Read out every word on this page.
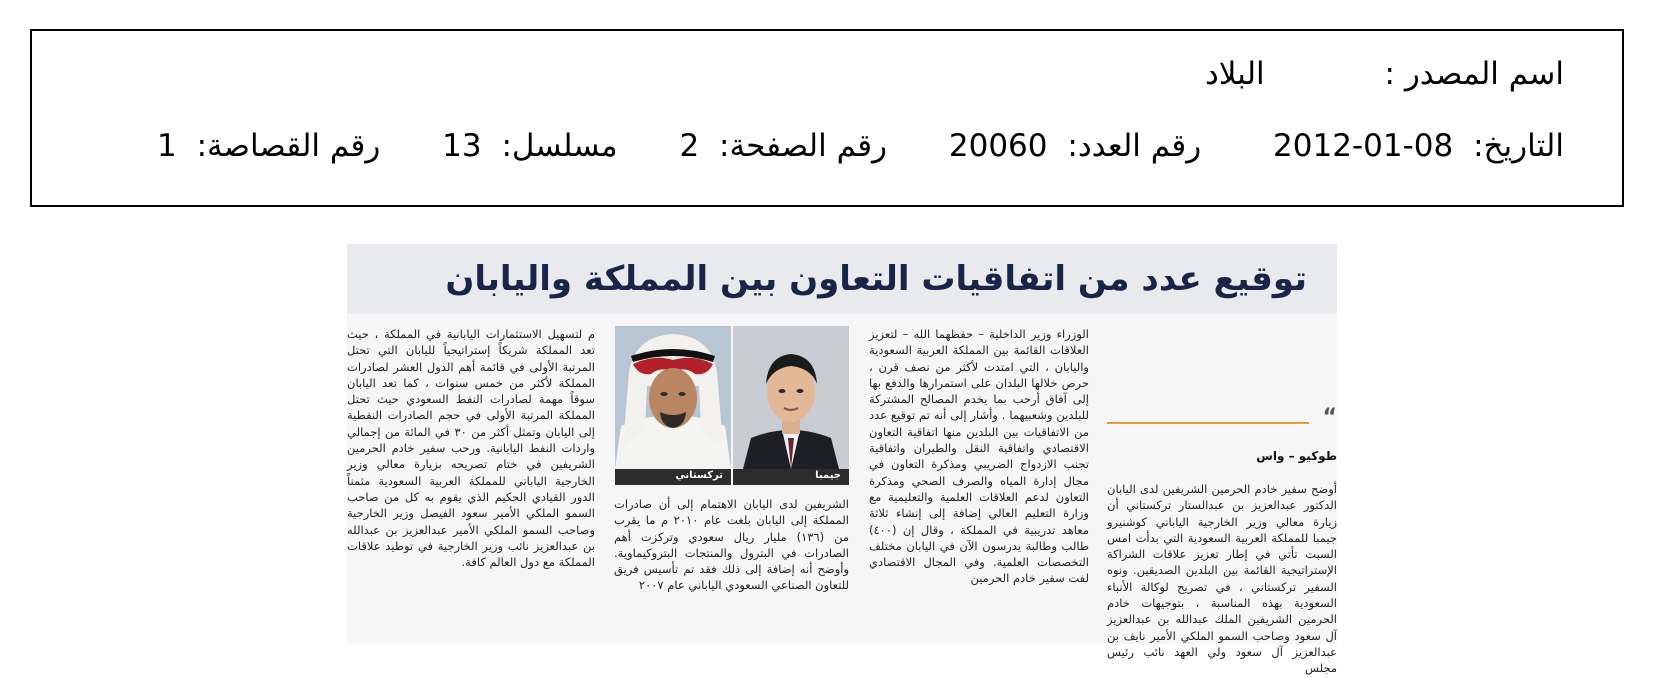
اسم المصدر : البلاد
التاريخ: 2012-01-08 رقم العدد: 20060 رقم الصفحة: 2 مسلسل: 13 رقم القصاصة: 1
توقيع عدد من اتفاقيات التعاون بين المملكة واليابان
“
طوكيو – واس

أوضح سفير خادم الحرمين الشريفين لدى اليابان الدكتور عبدالعزيز بن عبدالستار تركستاني أن زيارة معالي وزير الخارجية الياباني كوشنيرو جيمبا للمملكة العربية السعودية التي بدأت امس السبت تأتي في إطار تعزيز علاقات الشراكة الإستراتيجية القائمة بين البلدين الصديقين. ونوه السفير تركستاني ، في تصريح لوكالة الأنباء السعودية بهذه المناسبة ، بتوجيهات خادم الحرمين الشريفين الملك عبدالله بن عبدالعزيز آل سعود وصاحب السمو الملكي الأمير نايف بن عبدالعزيز آل سعود ولي العهد نائب رئيس مجلس

الوزراء وزير الداخلية – حفظهما الله – لتعزيز العلاقات القائمة بين المملكة العربية السعودية واليابان ، التي امتدت لأكثر من نصف قرن ، حرص خلالها البلدان على استمرارها والدفع بها إلى آفاق أرحب بما يخدم المصالح المشتركة للبلدين وشعبيهما . وأشار إلى أنه تم توقيع عدد من الاتفاقيات بين البلدين منها اتفاقية التعاون الاقتصادي واتفاقية النقل والطيران واتفاقية تجنب الازدواج الضريبي ومذكرة التعاون في مجال إدارة المياه والصرف الصحي ومذكرة التعاون لدعم العلاقات العلمية والتعليمية مع وزارة التعليم العالي إضافة إلى إنشاء ثلاثة معاهد تدريبية في المملكة ، وقال إن (٤٠٠) طالب وطالبة يدرسون الآن في اليابان مختلف التخصصات العلمية. وفي المجال الاقتصادي لفت سفير خادم الحرمين

جيمبا
تركستاني

الشريفين لدى اليابان الاهتمام إلى أن صادرات المملكة إلى اليابان بلغت عام ٢٠١٠ م ما يقرب من (١٣٦) مليار ريال سعودي وتركزت أهم الصادرات في البترول والمنتجات البتروكيماوية. وأوضح أنه إضافة إلى ذلك فقد تم تأسيس فريق للتعاون الصناعي السعودي الياباني عام ٢٠٠٧

م لتسهيل الاستثمارات اليابانية في المملكة ، حيث تعد المملكة شريكاً إستراتيجياً لليابان التي تحتل المرتبة الأولى في قائمة أهم الدول العشر لصادرات المملكة لأكثر من خمس سنوات ، كما تعد اليابان سوقاً مهمة لصادرات النفط السعودي حيث تحتل المملكة المرتبة الأولى في حجم الصادرات النفطية إلى اليابان وتمثل أكثر من ٣٠ في المائة من إجمالي واردات النفط اليابانية. ورحب سفير خادم الحرمين الشريفين في ختام تصريحه بزيارة معالي وزير الخارجية الياباني للمملكة العربية السعودية مثمناً الدور القيادي الحكيم الذي يقوم به كل من صاحب السمو الملكي الأمير سعود الفيصل وزير الخارجية وصاحب السمو الملكي الأمير عبدالعزيز بن عبدالله بن عبدالعزيز نائب وزير الخارجية في توطيد علاقات المملكة مع دول العالم كافة.
